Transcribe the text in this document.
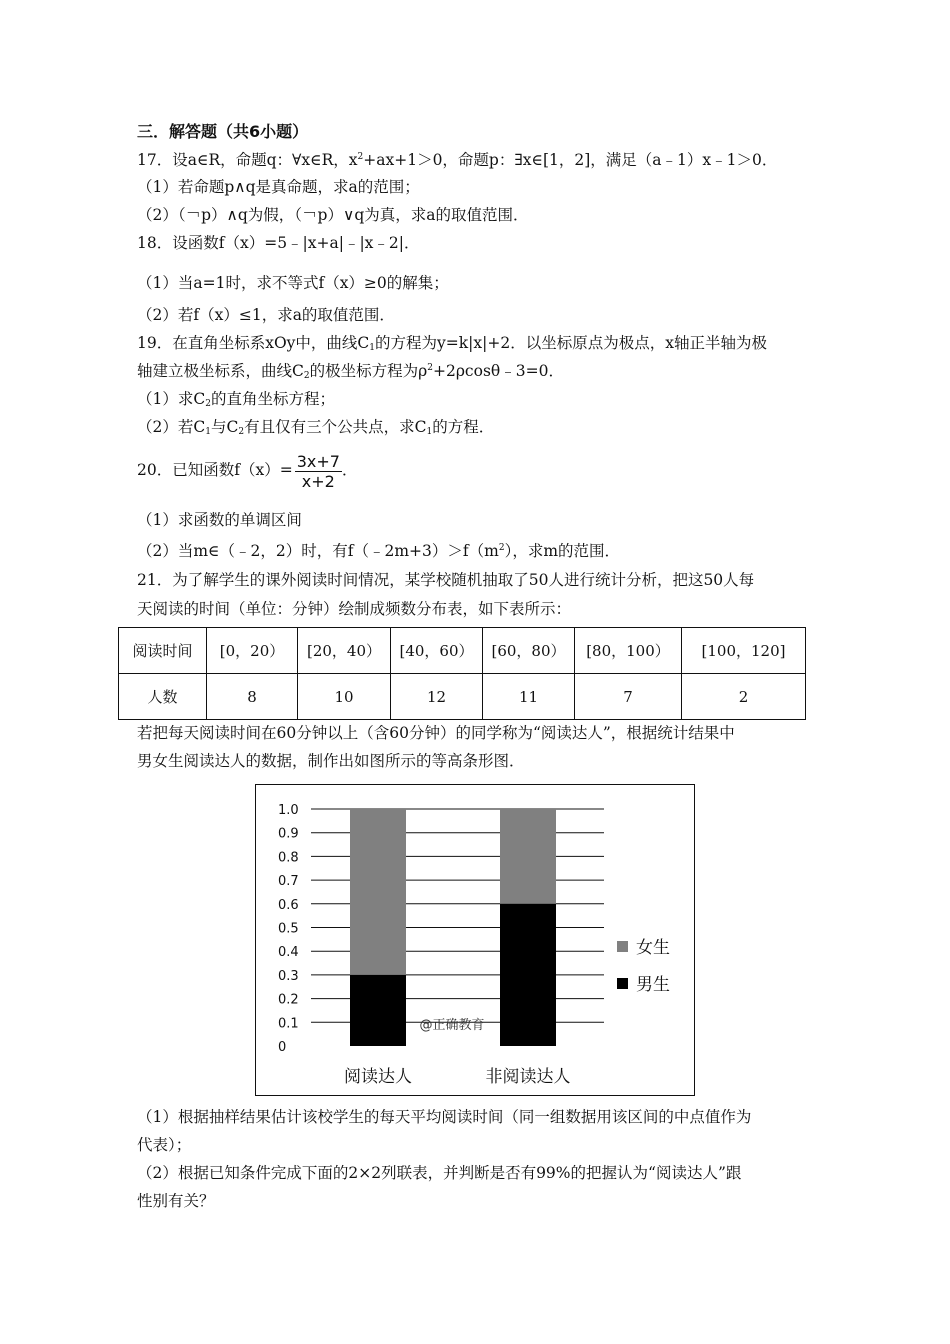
三．解答题（共6小题）
17．设a∈R，命题q：∀x∈R，$x^2+ax+1>0$，命题p：∃x∈[1，2]，满足（a﹣1）x﹣1＞0．
（1）若命题p∧q是真命题，求a的范围；
（2）（￢p）∧q为假，（￢p）∨q为真，求a的取值范围．
18．设函数f（x）=5﹣|x+a|﹣|x﹣2|．
（1）当a=1时，求不等式f（x）≥0的解集；
（2）若f（x）≤1，求a的取值范围．
19．在直角坐标系xOy中，曲线$C_1$的方程为y=k|x|+2．以坐标原点为极点，x轴正半轴为极
轴建立极坐标系，曲线$C_2$的极坐标方程为$\rho^2+2\rho\cos\theta﹣3=0$．
（1）求$C_2$的直角坐标方程；
（2）若$C_1$与$C_2$有且仅有三个公共点，求$C_1$的方程．
20．已知函数$f(x)= \frac{3x+7}{x+2}$ ．
（1）求函数的单调区间
（2）当m∈（﹣2，2）时，有$f(﹣2m+3)>f(m^2)$，求m的范围．
21．为了解学生的课外阅读时间情况，某学校随机抽取了50人进行统计分析，把这50人每
天阅读的时间（单位：分钟）绘制成频数分布表，如下表所示：
阅读时间	[0，20）	[20，40）	[40，60）	[60，80）	[80，100）	[100，120]
人数	8	10	12	11	7	2
若把每天阅读时间在60分钟以上（含60分钟）的同学称为“阅读达人”，根据统计结果中
男女生阅读达人的数据，制作出如图所示的等高条形图．
0
0.1
0.2
0.3
0.4
0.5
0.6
0.7
0.8
0.9
1.0
阅读达人	非阅读达人
@正确教育
女生
男生
（1）根据抽样结果估计该校学生的每天平均阅读时间（同一组数据用该区间的中点值作为
代表）；
（2）根据已知条件完成下面的2×2列联表，并判断是否有99%的把握认为“阅读达人”跟
性别有关？
